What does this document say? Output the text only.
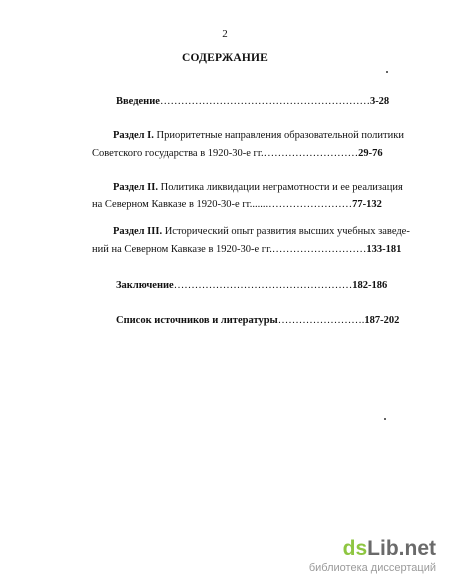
2
СОДЕРЖАНИЕ
Введение……………………………………………………3-28
Раздел I. Приоритетные направления образовательной политики
Советского государства в 1920-30-е гг.………………………29-76
Раздел II. Политика ликвидации неграмотности и ее реализация
на Северном Кавказе в 1920-30-е гг.......……………………77-132
Раздел III. Исторический опыт развития высших учебных заведе-
ний на Северном Кавказе в 1920-30-е гг.………………………133-181
Заключение……………………………………………182-186
Список источников и литературы…………………….187-202
dsLib.net
библиотека диссертаций
